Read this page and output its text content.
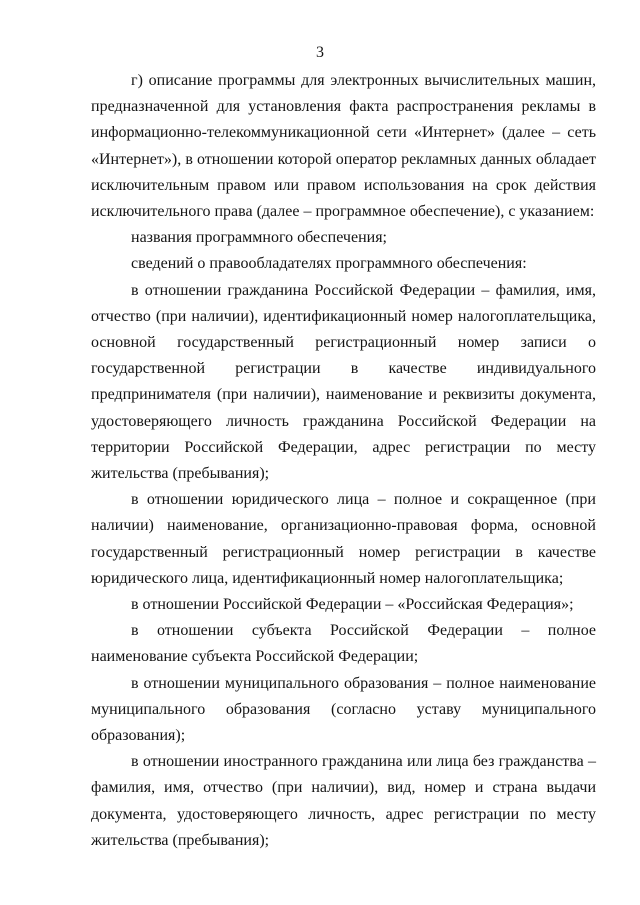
3

г) описание программы для электронных вычислительных машин, предназначенной для установления факта распространения рекламы в информационно-телекоммуникационной сети «Интернет» (далее – сеть «Интернет»), в отношении которой оператор рекламных данных обладает исключительным правом или правом использования на срок действия исключительного права (далее – программное обеспечение), с указанием:

названия программного обеспечения;

сведений о правообладателях программного обеспечения:

в отношении гражданина Российской Федерации – фамилия, имя, отчество (при наличии), идентификационный номер налогоплательщика, основной государственный регистрационный номер записи о государственной регистрации в качестве индивидуального предпринимателя (при наличии), наименование и реквизиты документа, удостоверяющего личность гражданина Российской Федерации на территории Российской Федерации, адрес регистрации по месту жительства (пребывания);

в отношении юридического лица – полное и сокращенное (при наличии) наименование, организационно-правовая форма, основной государственный регистрационный номер регистрации в качестве юридического лица, идентификационный номер налогоплательщика;

в отношении Российской Федерации – «Российская Федерация»;

в отношении субъекта Российской Федерации – полное наименование субъекта Российской Федерации;

в отношении муниципального образования – полное наименование муниципального образования (согласно уставу муниципального образования);

в отношении иностранного гражданина или лица без гражданства – фамилия, имя, отчество (при наличии), вид, номер и страна выдачи документа, удостоверяющего личность, адрес регистрации по месту жительства (пребывания);
